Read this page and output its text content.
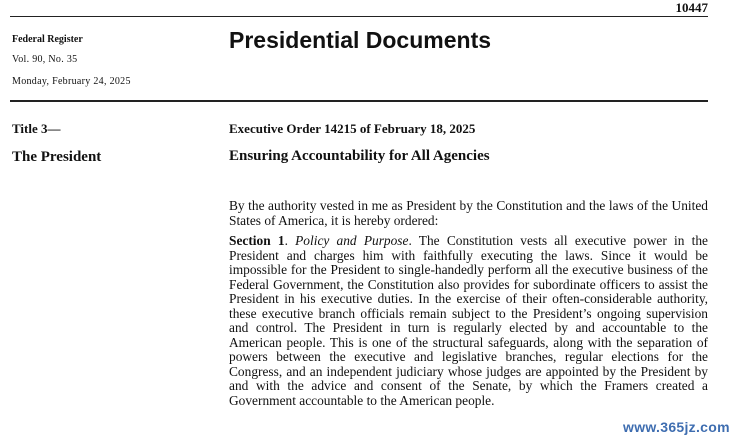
10447
Federal Register
Vol. 90, No. 35
Monday, February 24, 2025
Presidential Documents
Title 3—
The President
Executive Order 14215 of February 18, 2025
Ensuring Accountability for All Agencies
By the authority vested in me as President by the Constitution and the laws of the United States of America, it is hereby ordered:
Section 1. Policy and Purpose. The Constitution vests all executive power in the President and charges him with faithfully executing the laws. Since it would be impossible for the President to single-handedly perform all the executive business of the Federal Government, the Constitution also provides for subordinate officers to assist the President in his executive duties. In the exercise of their often-considerable authority, these executive branch officials remain subject to the President’s ongoing supervision and control. The President in turn is regularly elected by and accountable to the American people. This is one of the structural safeguards, along with the separation of powers between the executive and legislative branches, regular elections for the Congress, and an independent judiciary whose judges are appointed by the President by and with the advice and consent of the Senate, by which the Framers created a Government accountable to the American people.
www.365jz.com
